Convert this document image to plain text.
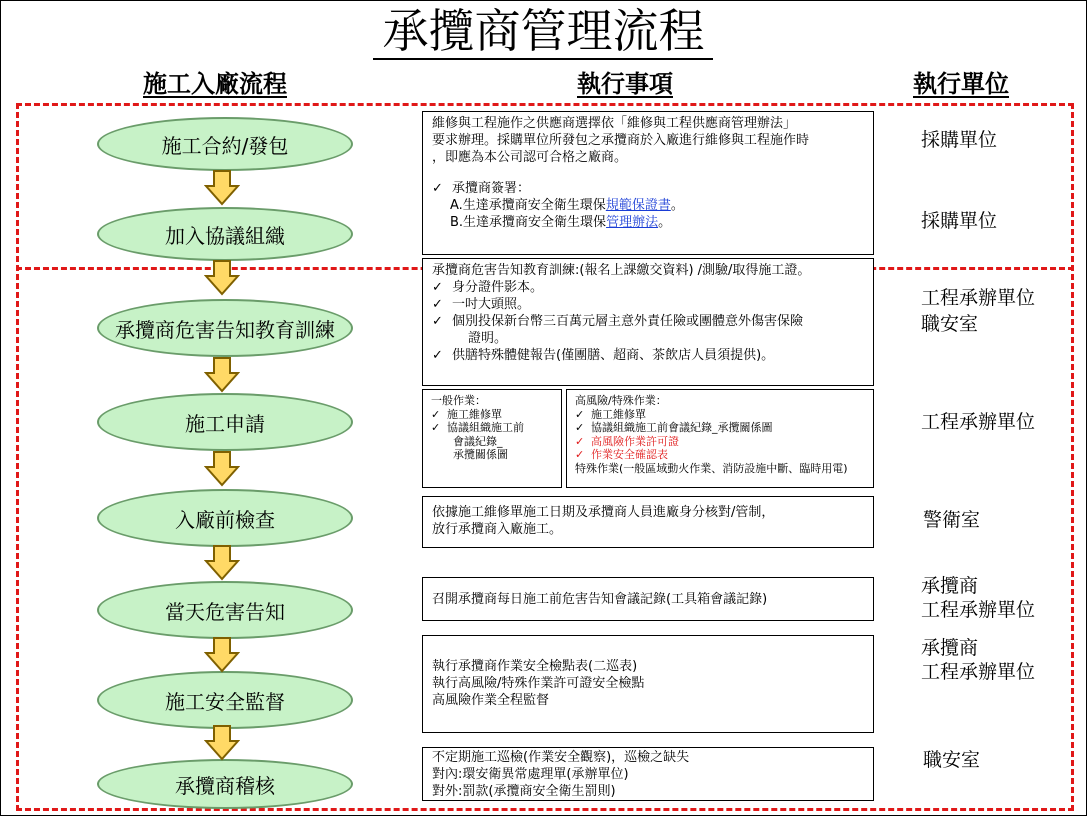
承攬商管理流程
施工入廠流程	執行事項	執行單位
施工合約/發包
加入協議組織
承攬商危害告知教育訓練
施工申請
入廠前檢查
當天危害告知
施工安全監督
承攬商稽核

維修與工程施作之供應商選擇依「維修與工程供應商管理辦法」

要求辦理。採購單位所發包之承攬商於入廠進行維修與工程施作時

，即應為本公司認可合格之廠商。

✓ 承攬商簽署：

A.生達承攬商安全衛生環保規範保證書。

B.生達承攬商安全衛生環保管理辦法。

承攬商危害告知教育訓練:(報名上課繳交資料) /測驗/取得施工證。

✓ 身分證件影本。

✓ 一吋大頭照。

✓ 個別投保新台幣三百萬元層主意外責任險或團體意外傷害保險

證明。

✓ 供膳特殊體健報告(僅團膳、超商、茶飲店人員須提供)。

一般作業：

✓ 施工維修單

✓ 協議組織施工前

會議紀錄_

承攬關係圖

高風險/特殊作業：

✓ 施工維修單

✓ 協議組織施工前會議紀錄_承攬關係圖

✓ 高風險作業許可證

✓ 作業安全確認表

特殊作業(一般區域動火作業、消防設施中斷、臨時用電)

依據施工維修單施工日期及承攬商人員進廠身分核對/管制，

放行承攬商入廠施工。

召開承攬商每日施工前危害告知會議記錄(工具箱會議記錄)

執行承攬商作業安全檢點表(二巡表)

執行高風險/特殊作業許可證安全檢點

高風險作業全程監督

不定期施工巡檢(作業安全觀察)，巡檢之缺失

對內:環安衛異常處理單(承辦單位)

對外:罰款(承攬商安全衛生罰則)

採購單位
採購單位
工程承辦單位
職安室
工程承辦單位
警衛室
承攬商
工程承辦單位
承攬商
工程承辦單位
職安室
